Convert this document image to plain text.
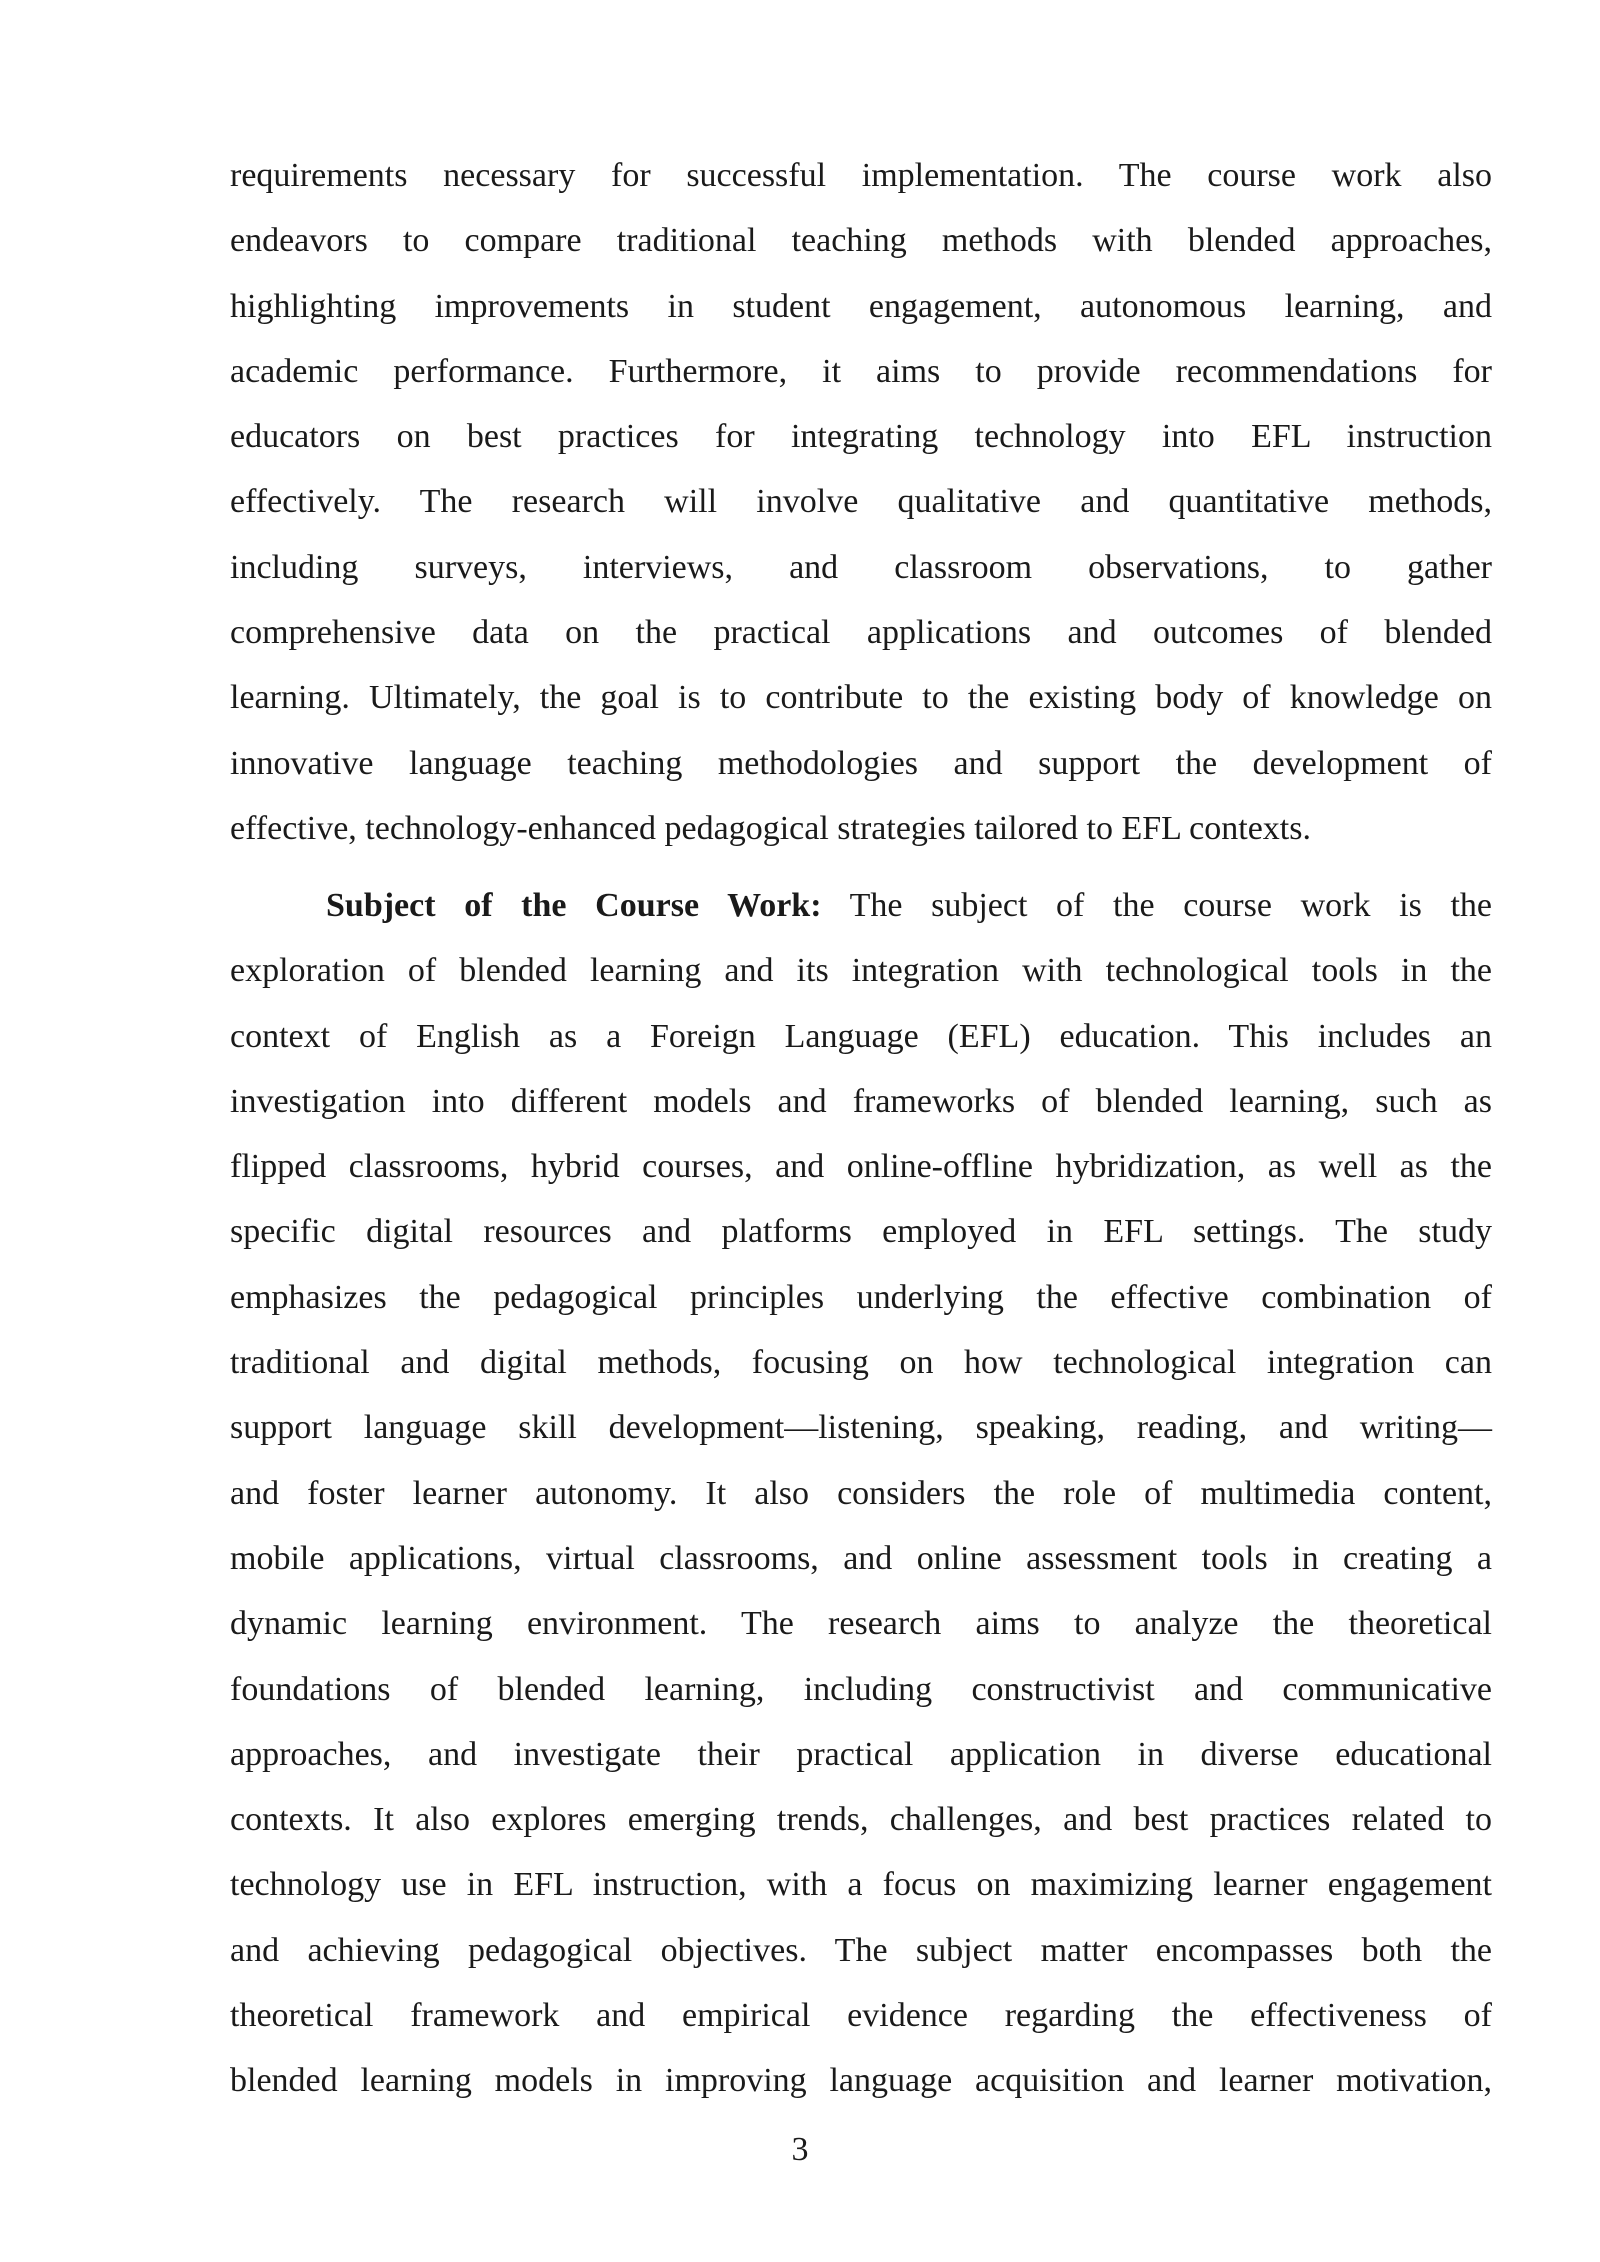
requirements necessary for successful implementation. The course work also
endeavors to compare traditional teaching methods with blended approaches,
highlighting improvements in student engagement, autonomous learning, and
academic performance. Furthermore, it aims to provide recommendations for
educators on best practices for integrating technology into EFL instruction
effectively. The research will involve qualitative and quantitative methods,
including surveys, interviews, and classroom observations, to gather
comprehensive data on the practical applications and outcomes of blended
learning. Ultimately, the goal is to contribute to the existing body of knowledge on
innovative language teaching methodologies and support the development of
effective, technology-enhanced pedagogical strategies tailored to EFL contexts.
Subject of the Course Work: The subject of the course work is the
exploration of blended learning and its integration with technological tools in the
context of English as a Foreign Language (EFL) education. This includes an
investigation into different models and frameworks of blended learning, such as
flipped classrooms, hybrid courses, and online-offline hybridization, as well as the
specific digital resources and platforms employed in EFL settings. The study
emphasizes the pedagogical principles underlying the effective combination of
traditional and digital methods, focusing on how technological integration can
support language skill development—listening, speaking, reading, and writing—
and foster learner autonomy. It also considers the role of multimedia content,
mobile applications, virtual classrooms, and online assessment tools in creating a
dynamic learning environment. The research aims to analyze the theoretical
foundations of blended learning, including constructivist and communicative
approaches, and investigate their practical application in diverse educational
contexts. It also explores emerging trends, challenges, and best practices related to
technology use in EFL instruction, with a focus on maximizing learner engagement
and achieving pedagogical objectives. The subject matter encompasses both the
theoretical framework and empirical evidence regarding the effectiveness of
blended learning models in improving language acquisition and learner motivation,
3
